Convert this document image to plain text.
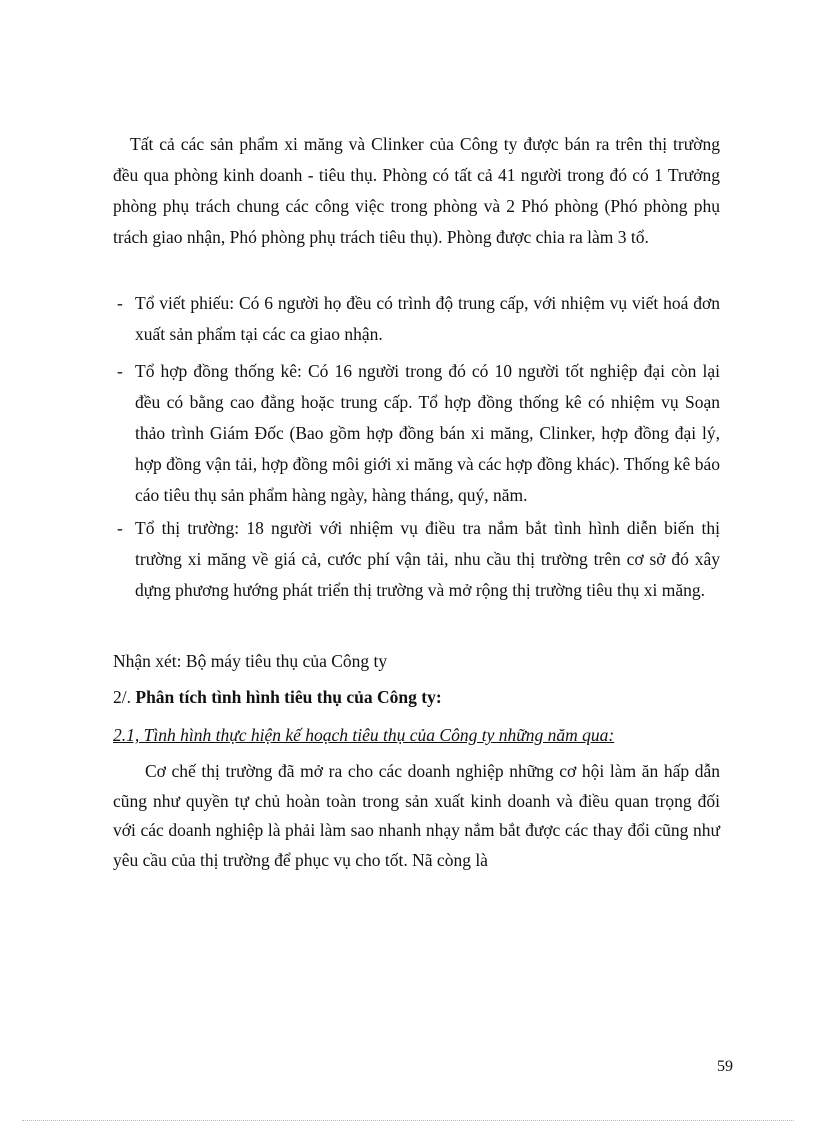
Tất cả các sản phẩm xi măng và Clinker của Công ty được bán ra trên thị trường đều qua phòng kinh doanh - tiêu thụ. Phòng có tất cả 41 người trong đó có 1 Trưởng phòng phụ trách chung các công việc trong phòng và 2 Phó phòng (Phó phòng phụ trách giao nhận, Phó phòng phụ trách tiêu thụ). Phòng được chia ra làm 3 tổ.

- Tổ viết phiếu: Có 6 người họ đều có trình độ trung cấp, với nhiệm vụ viết hoá đơn xuất sản phẩm tại các ca giao nhận.
- Tổ hợp đồng thống kê: Có 16 người trong đó có 10 người tốt nghiệp đại còn lại đều có bằng cao đẳng hoặc trung cấp. Tổ hợp đồng thống kê có nhiệm vụ Soạn thảo trình Giám Đốc (Bao gồm hợp đồng bán xi măng, Clinker, hợp đồng đại lý, hợp đồng vận tải, hợp đồng môi giới xi măng và các hợp đồng khác). Thống kê báo cáo tiêu thụ sản phẩm hàng ngày, hàng tháng, quý, năm.
- Tổ thị trường: 18 người với nhiệm vụ điều tra nắm bắt tình hình diễn biến thị trường xi măng về giá cả, cước phí vận tải, nhu cầu thị trường trên cơ sở đó xây dựng phương hướng phát triển thị trường và mở rộng thị trường tiêu thụ xi măng.

Nhận xét: Bộ máy tiêu thụ của Công ty

2/. Phân tích tình hình tiêu thụ của Công ty:

2.1, Tình hình thực hiện kế hoạch tiêu thụ của Công ty những năm qua:

Cơ chế thị trường đã mở ra cho các doanh nghiệp những cơ hội làm ăn hấp dẫn cũng như quyền tự chủ hoàn toàn trong sản xuất kinh doanh và điều quan trọng đối với các doanh nghiệp là phải làm sao nhanh nhạy nắm bắt được các thay đổi cũng như yêu cầu của thị trường để phục vụ cho tốt. Nã còng là

59
